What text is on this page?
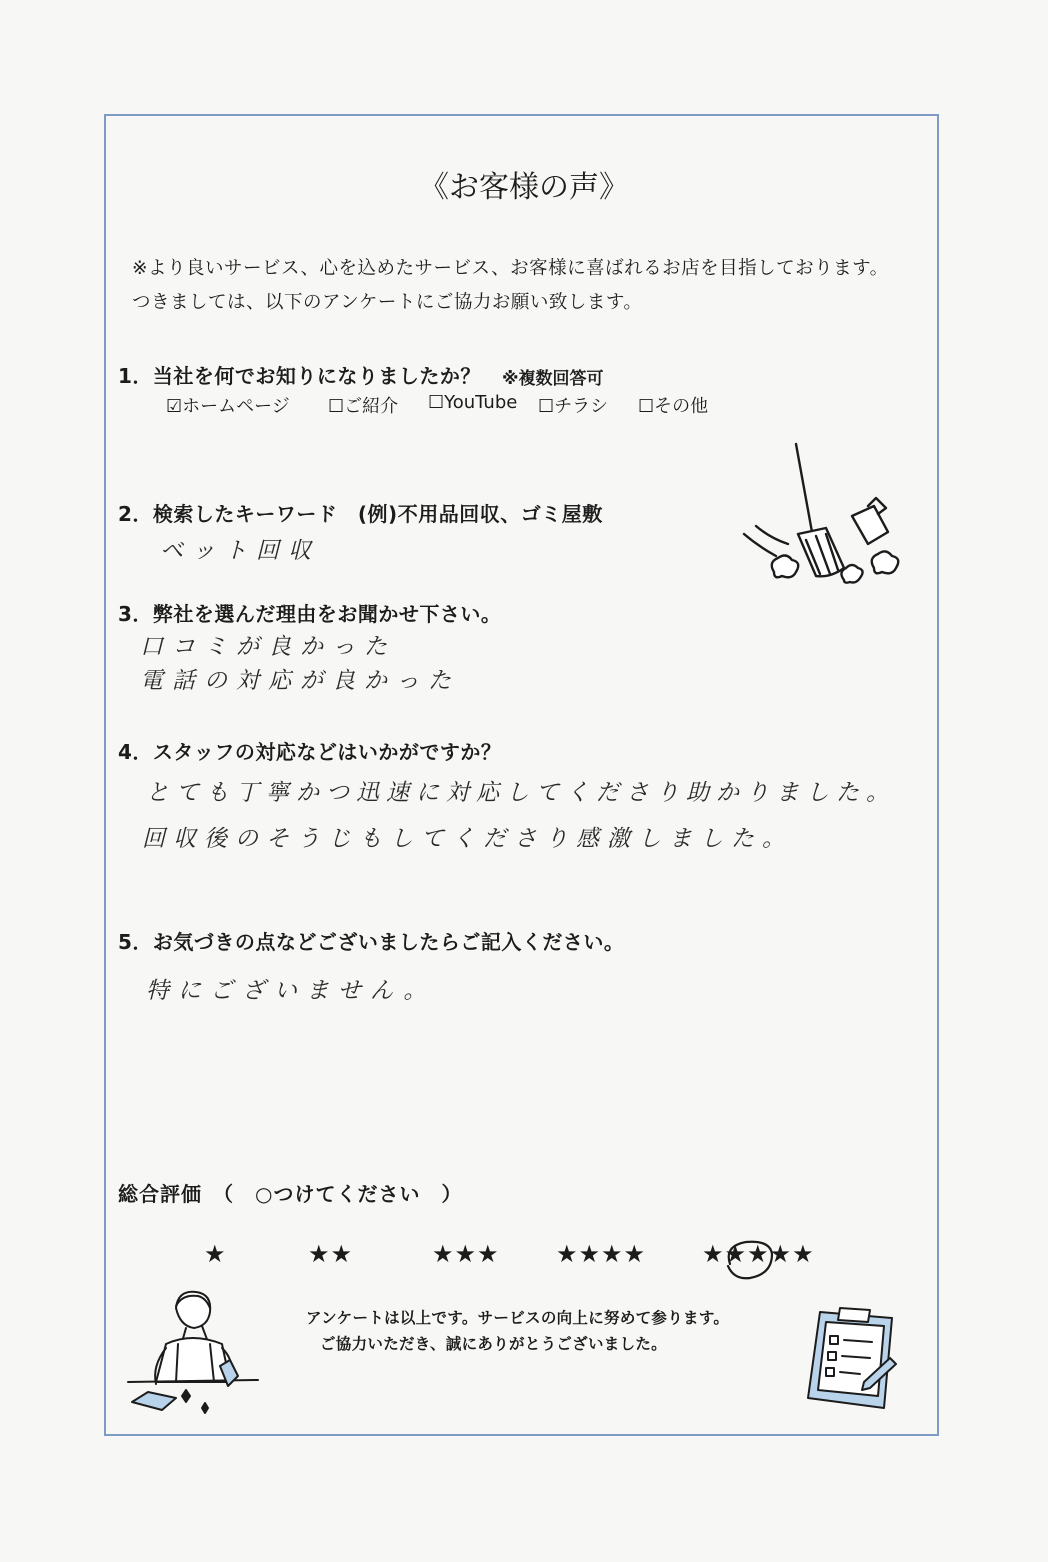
《お客様の声》
※より良いサービス、心を込めたサービス、お客様に喜ばれるお店を目指しております。
つきましては、以下のアンケートにご協力お願い致します。
1．当社を何でお知りになりましたか？ ※複数回答可
☑ホームページ ☐ご紹介 ☐YouTube ☐チラシ ☐その他
2．検索したキーワード　(例)不用品回収、ゴミ屋敷
ベット回収
3．弊社を選んだ理由をお聞かせ下さい。
口コミが良かった
電話の対応が良かった
4．スタッフの対応などはいかがですか？
とても丁寧かつ迅速に対応してくださり助かりました。
回収後のそうじもしてくださり感激しました。
5．お気づきの点などございましたらご記入ください。
特にございません。
総合評価　（　○つけてください　）
★	★★	★★★ ★★★★ ★★★★★
アンケートは以上です。サービスの向上に努めて参ります。
ご協力いただき、誠にありがとうございました。
